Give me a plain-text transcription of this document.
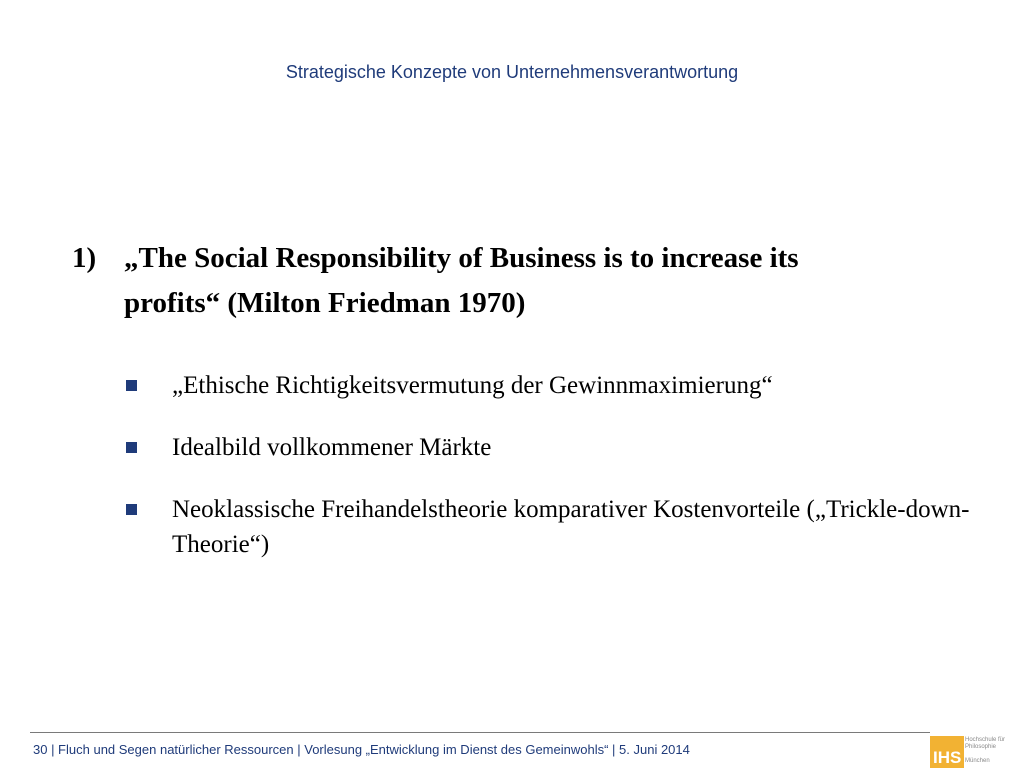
Strategische Konzepte von Unternehmensverantwortung
1) „The Social Responsibility of Business is to increase its
profits“ (Milton Friedman 1970)
„Ethische Richtigkeitsvermutung der Gewinnmaximierung“
Idealbild vollkommener Märkte
Neoklassische Freihandelstheorie komparativer Kostenvorteile („Trickle-down-Theorie“)
30 | Fluch und Segen natürlicher Ressourcen | Vorlesung „Entwicklung im Dienst des Gemeinwohls“ | 5. Juni 2014	IHS
Hochschule für
Philosophie

München
